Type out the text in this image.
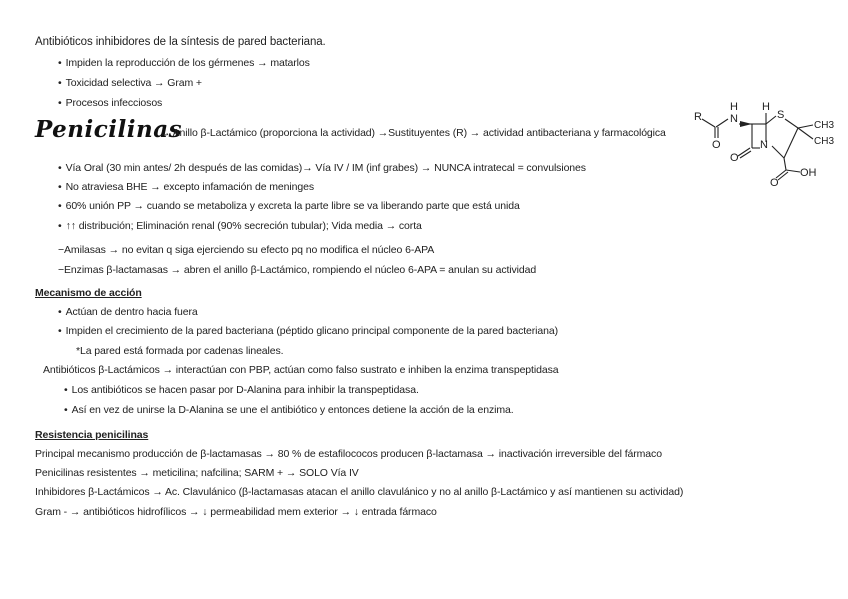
Antibióticos inhibidores de la síntesis de pared bacteriana.
• Impiden la reproducción de los gérmenes → matarlos
• Toxicidad selectiva → Gram +
• Procesos infecciosos
Penicilinas
→ Anillo β-Lactámico (proporciona la actividad) →Sustituyentes (R) → actividad antibacteriana y farmacológica
R	N
H H
S
CH3
CH3
O
O
N
O
OH
• Vía Oral (30 min antes/ 2h después de las comidas)→ Vía IV / IM (inf grabes) → NUNCA intratecal = convulsiones
• No atraviesa BHE → excepto infamación de meninges
• 60% unión PP → cuando se metaboliza y excreta la parte libre se va liberando parte que está unida
• ↑↑ distribución; Eliminación renal (90% secreción tubular); Vida media → corta
−Amilasas → no evitan q siga ejerciendo su efecto pq no modifica el núcleo 6-APA
−Enzimas β-lactamasas → abren el anillo β-Lactámico, rompiendo el núcleo 6-APA = anulan su actividad
Mecanismo de acción
• Actúan de dentro hacia fuera
• Impiden el crecimiento de la pared bacteriana (péptido glicano principal componente de la pared bacteriana)
*La pared está formada por cadenas lineales.
Antibióticos β-Lactámicos → interactúan con PBP, actúan como falso sustrato e inhiben la enzima transpeptidasa
• Los antibióticos se hacen pasar por D-Alanina para inhibir la transpeptidasa.
• Así en vez de unirse la D-Alanina se une el antibiótico y entonces detiene la acción de la enzima.
Resistencia penicilinas
Principal mecanismo producción de β-lactamasas → 80 % de estafilococos producen β-lactamasa → inactivación irreversible del fármaco
Penicilinas resistentes → meticilina; nafcilina; SARM + → SOLO Vía IV
Inhibidores β-Lactámicos → Ac. Clavulánico (β-lactamasas atacan el anillo clavulánico y no al anillo β-Lactámico y así mantienen su actividad)
Gram - → antibióticos hidrofílicos → ↓ permeabilidad mem exterior → ↓ entrada fármaco
